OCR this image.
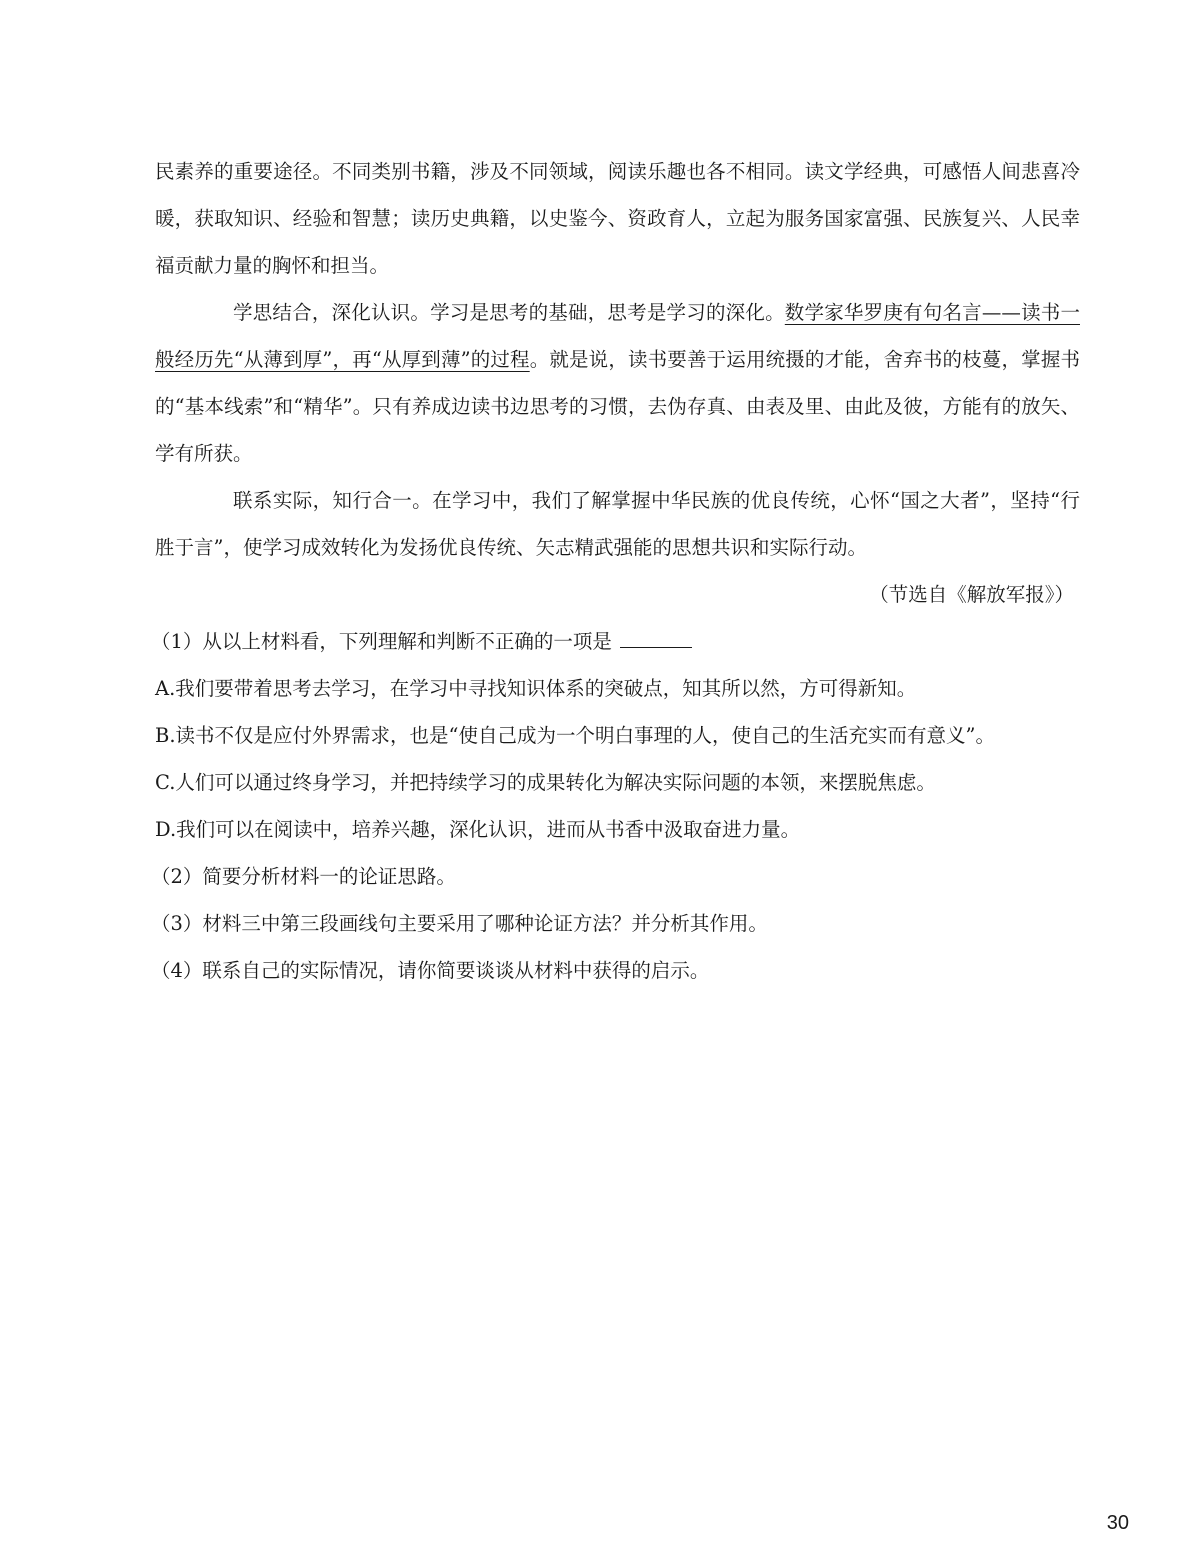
民素养的重要途径。不同类别书籍，涉及不同领域，阅读乐趣也各不相同。读文学经典，可感悟人间悲喜冷暖，获取知识、经验和智慧；读历史典籍，以史鉴今、资政育人，立起为服务国家富强、民族复兴、人民幸福贡献力量的胸怀和担当。

学思结合，深化认识。学习是思考的基础，思考是学习的深化。数学家华罗庚有句名言——读书一般经历先“从薄到厚”，再“从厚到薄”的过程。就是说，读书要善于运用统摄的才能，舍弃书的枝蔓，掌握书的“基本线索”和“精华”。只有养成边读书边思考的习惯，去伪存真、由表及里、由此及彼，方能有的放矢、学有所获。

联系实际，知行合一。在学习中，我们了解掌握中华民族的优良传统，心怀“国之大者”，坚持“行胜于言”，使学习成效转化为发扬优良传统、矢志精武强能的思想共识和实际行动。

（节选自《解放军报》）

（1）从以上材料看，下列理解和判断不正确的一项是

A.我们要带着思考去学习，在学习中寻找知识体系的突破点，知其所以然，方可得新知。

B.读书不仅是应付外界需求，也是“使自己成为一个明白事理的人，使自己的生活充实而有意义”。

C.人们可以通过终身学习，并把持续学习的成果转化为解决实际问题的本领，来摆脱焦虑。

D.我们可以在阅读中，培养兴趣，深化认识，进而从书香中汲取奋进力量。

（2）简要分析材料一的论证思路。

（3）材料三中第三段画线句主要采用了哪种论证方法？并分析其作用。

（4）联系自己的实际情况，请你简要谈谈从材料中获得的启示。

30
